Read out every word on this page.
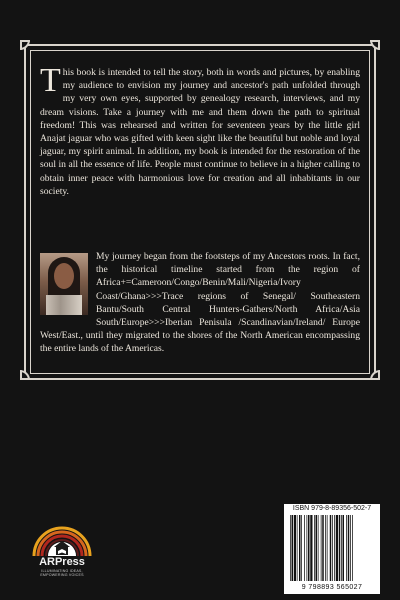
This book is intended to tell the story, both in words and pictures, by enabling my audience to envision my journey and ancestor's path unfolded through my very own eyes, supported by genealogy research, interviews, and my dream visions. Take a journey with me and them down the path to spiritual freedom! This was rehearsed and written for seventeen years by the little girl Anajat jaguar who was gifted with keen sight like the beautiful but noble and loyal jaguar, my spirit animal. In addition, my book is intended for the restoration of the soul in all the essence of life. People must continue to believe in a higher calling to obtain inner peace with harmonious love for creation and all inhabitants in our society.

My journey began from the footsteps of my Ancestors roots. In fact, the historical timeline started from the region of Africa+=Cameroon/Congo/Benin/Mali/Nigeria/Ivory Coast/Ghana>>>Trace regions of Senegal/ Southeastern Bantu/South Central Hunters-Gathers/North Africa/Asia South/Europe>>>Iberian Penisula /Scandinavian/Ireland/ Europe West/East., until they migrated to the shores of the North American encompassing the entire lands of the Americas.

ARPress
ILLUMINATING IDEAS,
EMPOWERING VOICES
ISBN 979-8-89356-502-7
9 798893 565027
